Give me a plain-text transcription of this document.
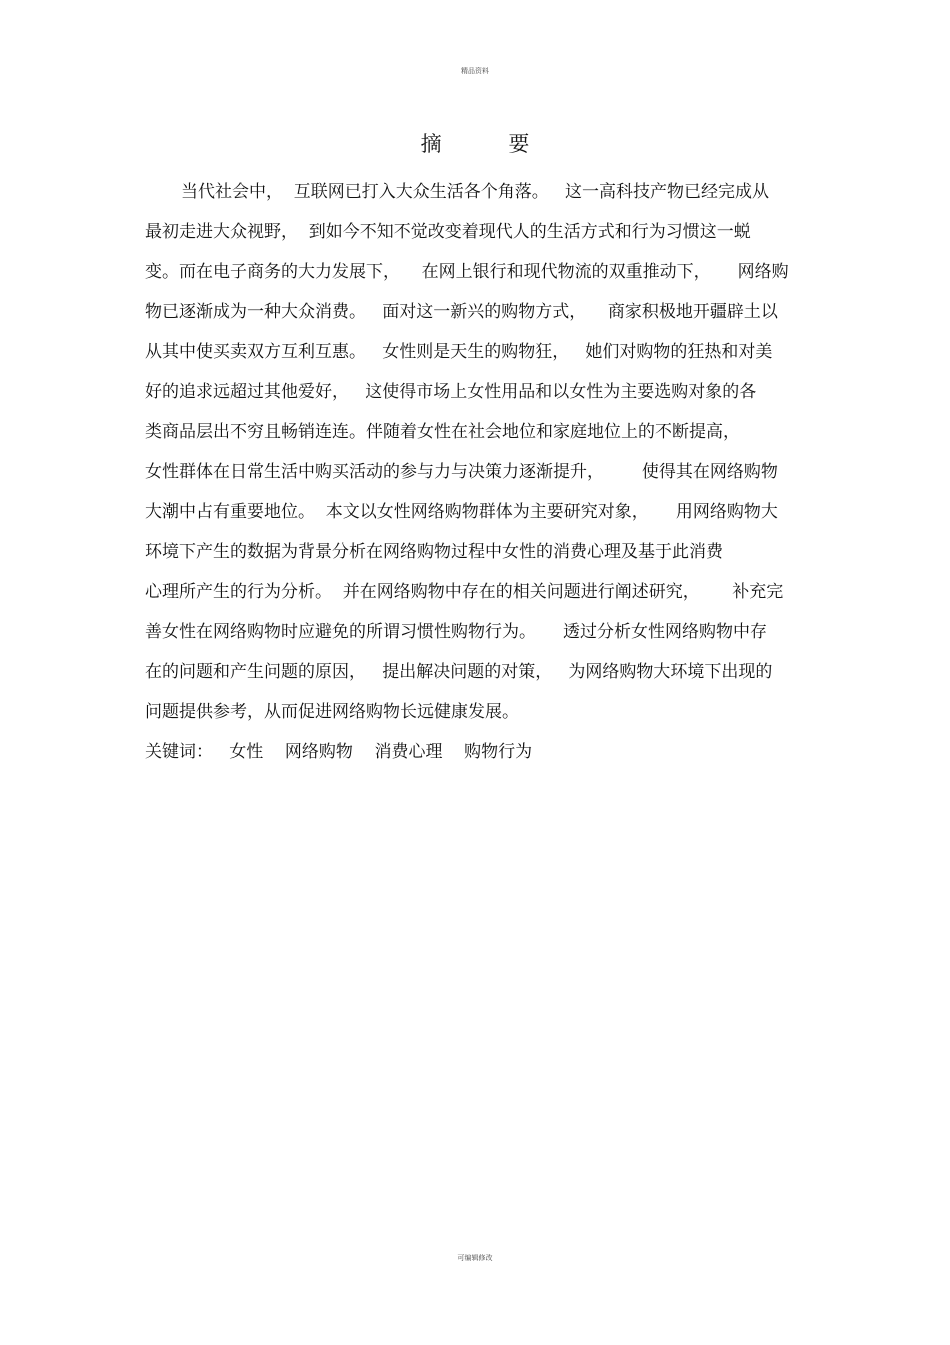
精品资料
摘 要
当代社会中，  互联网已打入大众生活各个角落。   这一高科技产物已经完成从
最初走进大众视野，  到如今不知不觉改变着现代人的生活方式和行为习惯这一蜕
变。而在电子商务的大力发展下，    在网上银行和现代物流的双重推动下，     网络购
物已逐渐成为一种大众消费。   面对这一新兴的购物方式，    商家积极地开疆辟土以
从其中使买卖双方互利互惠。   女性则是天生的购物狂，   她们对购物的狂热和对美
好的追求远超过其他爱好，   这使得市场上女性用品和以女性为主要选购对象的各
类商品层出不穷且畅销连连。伴随着女性在社会地位和家庭地位上的不断提高，
女性群体在日常生活中购买活动的参与力与决策力逐渐提升，       使得其在网络购物
大潮中占有重要地位。  本文以女性网络购物群体为主要研究对象，     用网络购物大
环境下产生的数据为背景分析在网络购物过程中女性的消费心理及基于此消费
心理所产生的行为分析。  并在网络购物中存在的相关问题进行阐述研究，      补充完
善女性在网络购物时应避免的所谓习惯性购物行为。     透过分析女性网络购物中存
在的问题和产生问题的原因，   提出解决问题的对策，   为网络购物大环境下出现的
问题提供参考，从而促进网络购物长远健康发展。
关键词： 女性 网络购物 消费心理 购物行为
可编辑修改
